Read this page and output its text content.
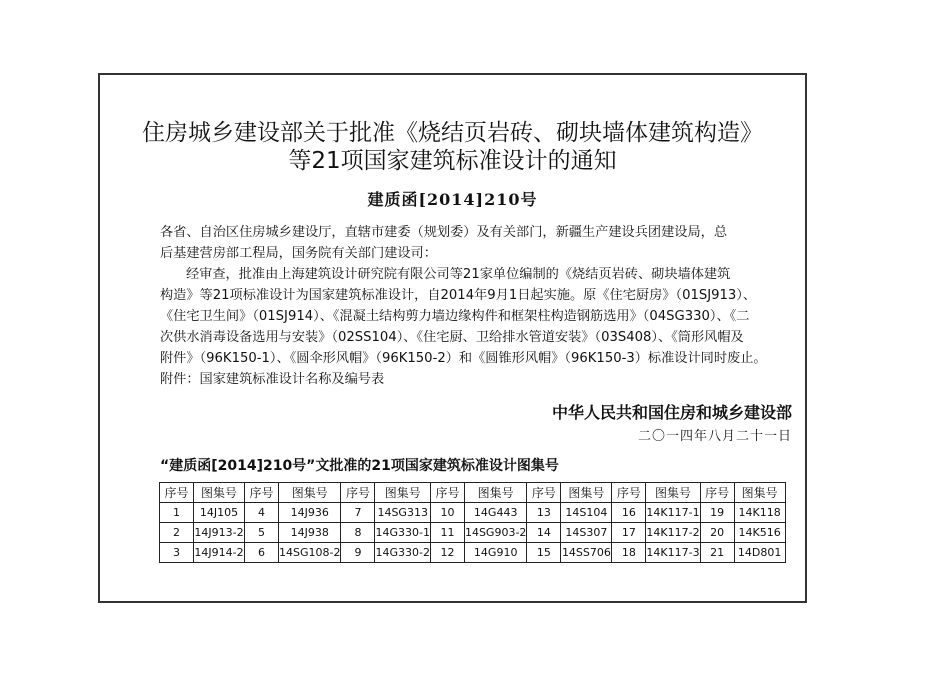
住房城乡建设部关于批准《烧结页岩砖、砌块墙体建筑构造》
等21项国家建筑标准设计的通知
建质函[2014]210号

各省、自治区住房城乡建设厅，直辖市建委（规划委）及有关部门，新疆生产建设兵团建设局，总

后基建营房部工程局，国务院有关部门建设司：

经审查，批准由上海建筑设计研究院有限公司等21家单位编制的《烧结页岩砖、砌块墙体建筑

构造》等21项标准设计为国家建筑标准设计，自2014年9月1日起实施。原《住宅厨房》（01SJ913）、

《住宅卫生间》（01SJ914）、《混凝土结构剪力墙边缘构件和框架柱构造钢筋选用》（04SG330）、《二

次供水消毒设备选用与安装》（02SS104）、《住宅厨、卫给排水管道安装》（03S408）、《筒形风帽及

附件》（96K150-1）、《圆伞形风帽》（96K150-2）和《圆锥形风帽》（96K150-3）标准设计同时废止。

附件：国家建筑标准设计名称及编号表

中华人民共和国住房和城乡建设部
二〇一四年八月二十一日
“建质函[2014]210号”文批准的21项国家建筑标准设计图集号
序号	图集号	序号	图集号	序号	图集号	序号	图集号	序号	图集号	序号	图集号	序号	图集号
1	14J105	4	14J936	7	14SG313	10	14G443	13	14S104	16	14K117-1	19	14K118
2	14J913-2	5	14J938	8	14G330-1	11	14SG903-2	14	14S307	17	14K117-2	20	14K516
3	14J914-2	6	14SG108-2	9	14G330-2	12	14G910	15	14SS706	18	14K117-3	21	14D801
